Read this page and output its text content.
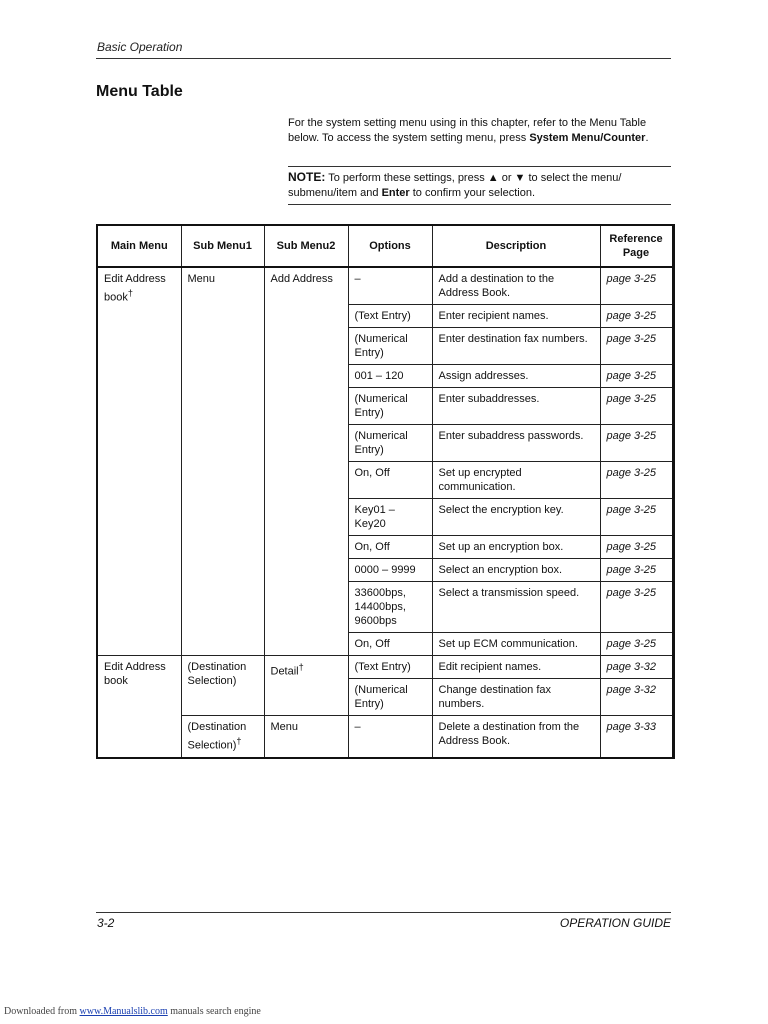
Basic Operation
Menu Table
For the system setting menu using in this chapter, refer to the Menu Table below. To access the system setting menu, press System Menu/Counter.
NOTE: To perform these settings, press ▲ or ▼ to select the menu/ submenu/item and Enter to confirm your selection.
Main Menu	Sub Menu1	Sub Menu2	Options	Description	Reference Page
Edit Address book†	Menu	Add Address	–	Add a destination to the Address Book.	page 3-25
			(Text Entry)	Enter recipient names.	page 3-25
			(Numerical Entry)	Enter destination fax numbers.	page 3-25
			001 – 120	Assign addresses.	page 3-25
			(Numerical Entry)	Enter subaddresses.	page 3-25
			(Numerical Entry)	Enter subaddress passwords.	page 3-25
			On, Off	Set up encrypted communication.	page 3-25
			Key01 – Key20	Select the encryption key.	page 3-25
			On, Off	Set up an encryption box.	page 3-25
			0000 – 9999	Select an encryption box.	page 3-25
			33600bps, 14400bps, 9600bps	Select a transmission speed.	page 3-25
			On, Off	Set up ECM communication.	page 3-25
Edit Address book	(Destination Selection)	Detail†	(Text Entry)	Edit recipient names.	page 3-32
			(Numerical Entry)	Change destination fax numbers.	page 3-32
	(Destination Selection)†	Menu	–	Delete a destination from the Address Book.	page 3-33
3-2	OPERATION GUIDE
Downloaded from www.Manualslib.com manuals search engine
